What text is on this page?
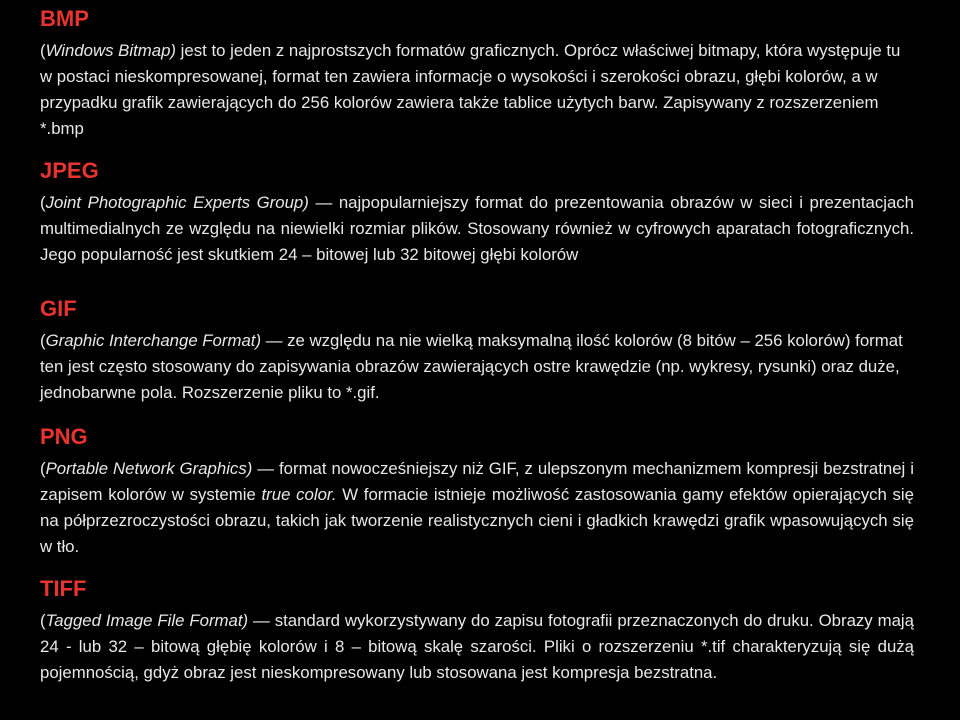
BMP

(Windows Bitmap) jest to jeden z najprostszych formatów graficznych. Oprócz właściwej bitmapy, która występuje tu w postaci nieskompresowanej, format ten zawiera informacje o wysokości i szerokości obrazu, głębi kolorów, a w przypadku grafik zawierających do 256 kolorów zawiera także tablice użytych barw. Zapisywany z rozszerzeniem *.bmp

JPEG

(Joint Photographic Experts Group) — najpopularniejszy format do prezentowania obrazów w sieci i prezentacjach multimedialnych ze względu na niewielki rozmiar plików. Stosowany również w cyfrowych aparatach fotograficznych. Jego popularność jest skutkiem 24 – bitowej lub 32 bitowej głębi kolorów

GIF

(Graphic Interchange Format) — ze względu na nie wielką maksymalną ilość kolorów (8 bitów – 256 kolorów) format ten jest często stosowany do zapisywania obrazów zawierających ostre krawędzie (np. wykresy, rysunki) oraz duże, jednobarwne pola. Rozszerzenie pliku to *.gif.

PNG

(Portable Network Graphics) — format nowocześniejszy niż GIF, z ulepszonym mechanizmem kompresji bezstratnej i zapisem kolorów w systemie true color. W formacie istnieje możliwość zastosowania gamy efektów opierających się na półprzezroczystości obrazu, takich jak tworzenie realistycznych cieni i gładkich krawędzi grafik wpasowujących się w tło.

TIFF

(Tagged Image File Format) — standard wykorzystywany do zapisu fotografii przeznaczonych do druku. Obrazy mają 24 - lub 32 – bitową głębię kolorów i 8 – bitową skalę szarości. Pliki o rozszerzeniu *.tif charakteryzują się dużą pojemnością, gdyż obraz jest nieskompresowany lub stosowana jest kompresja bezstratna.
